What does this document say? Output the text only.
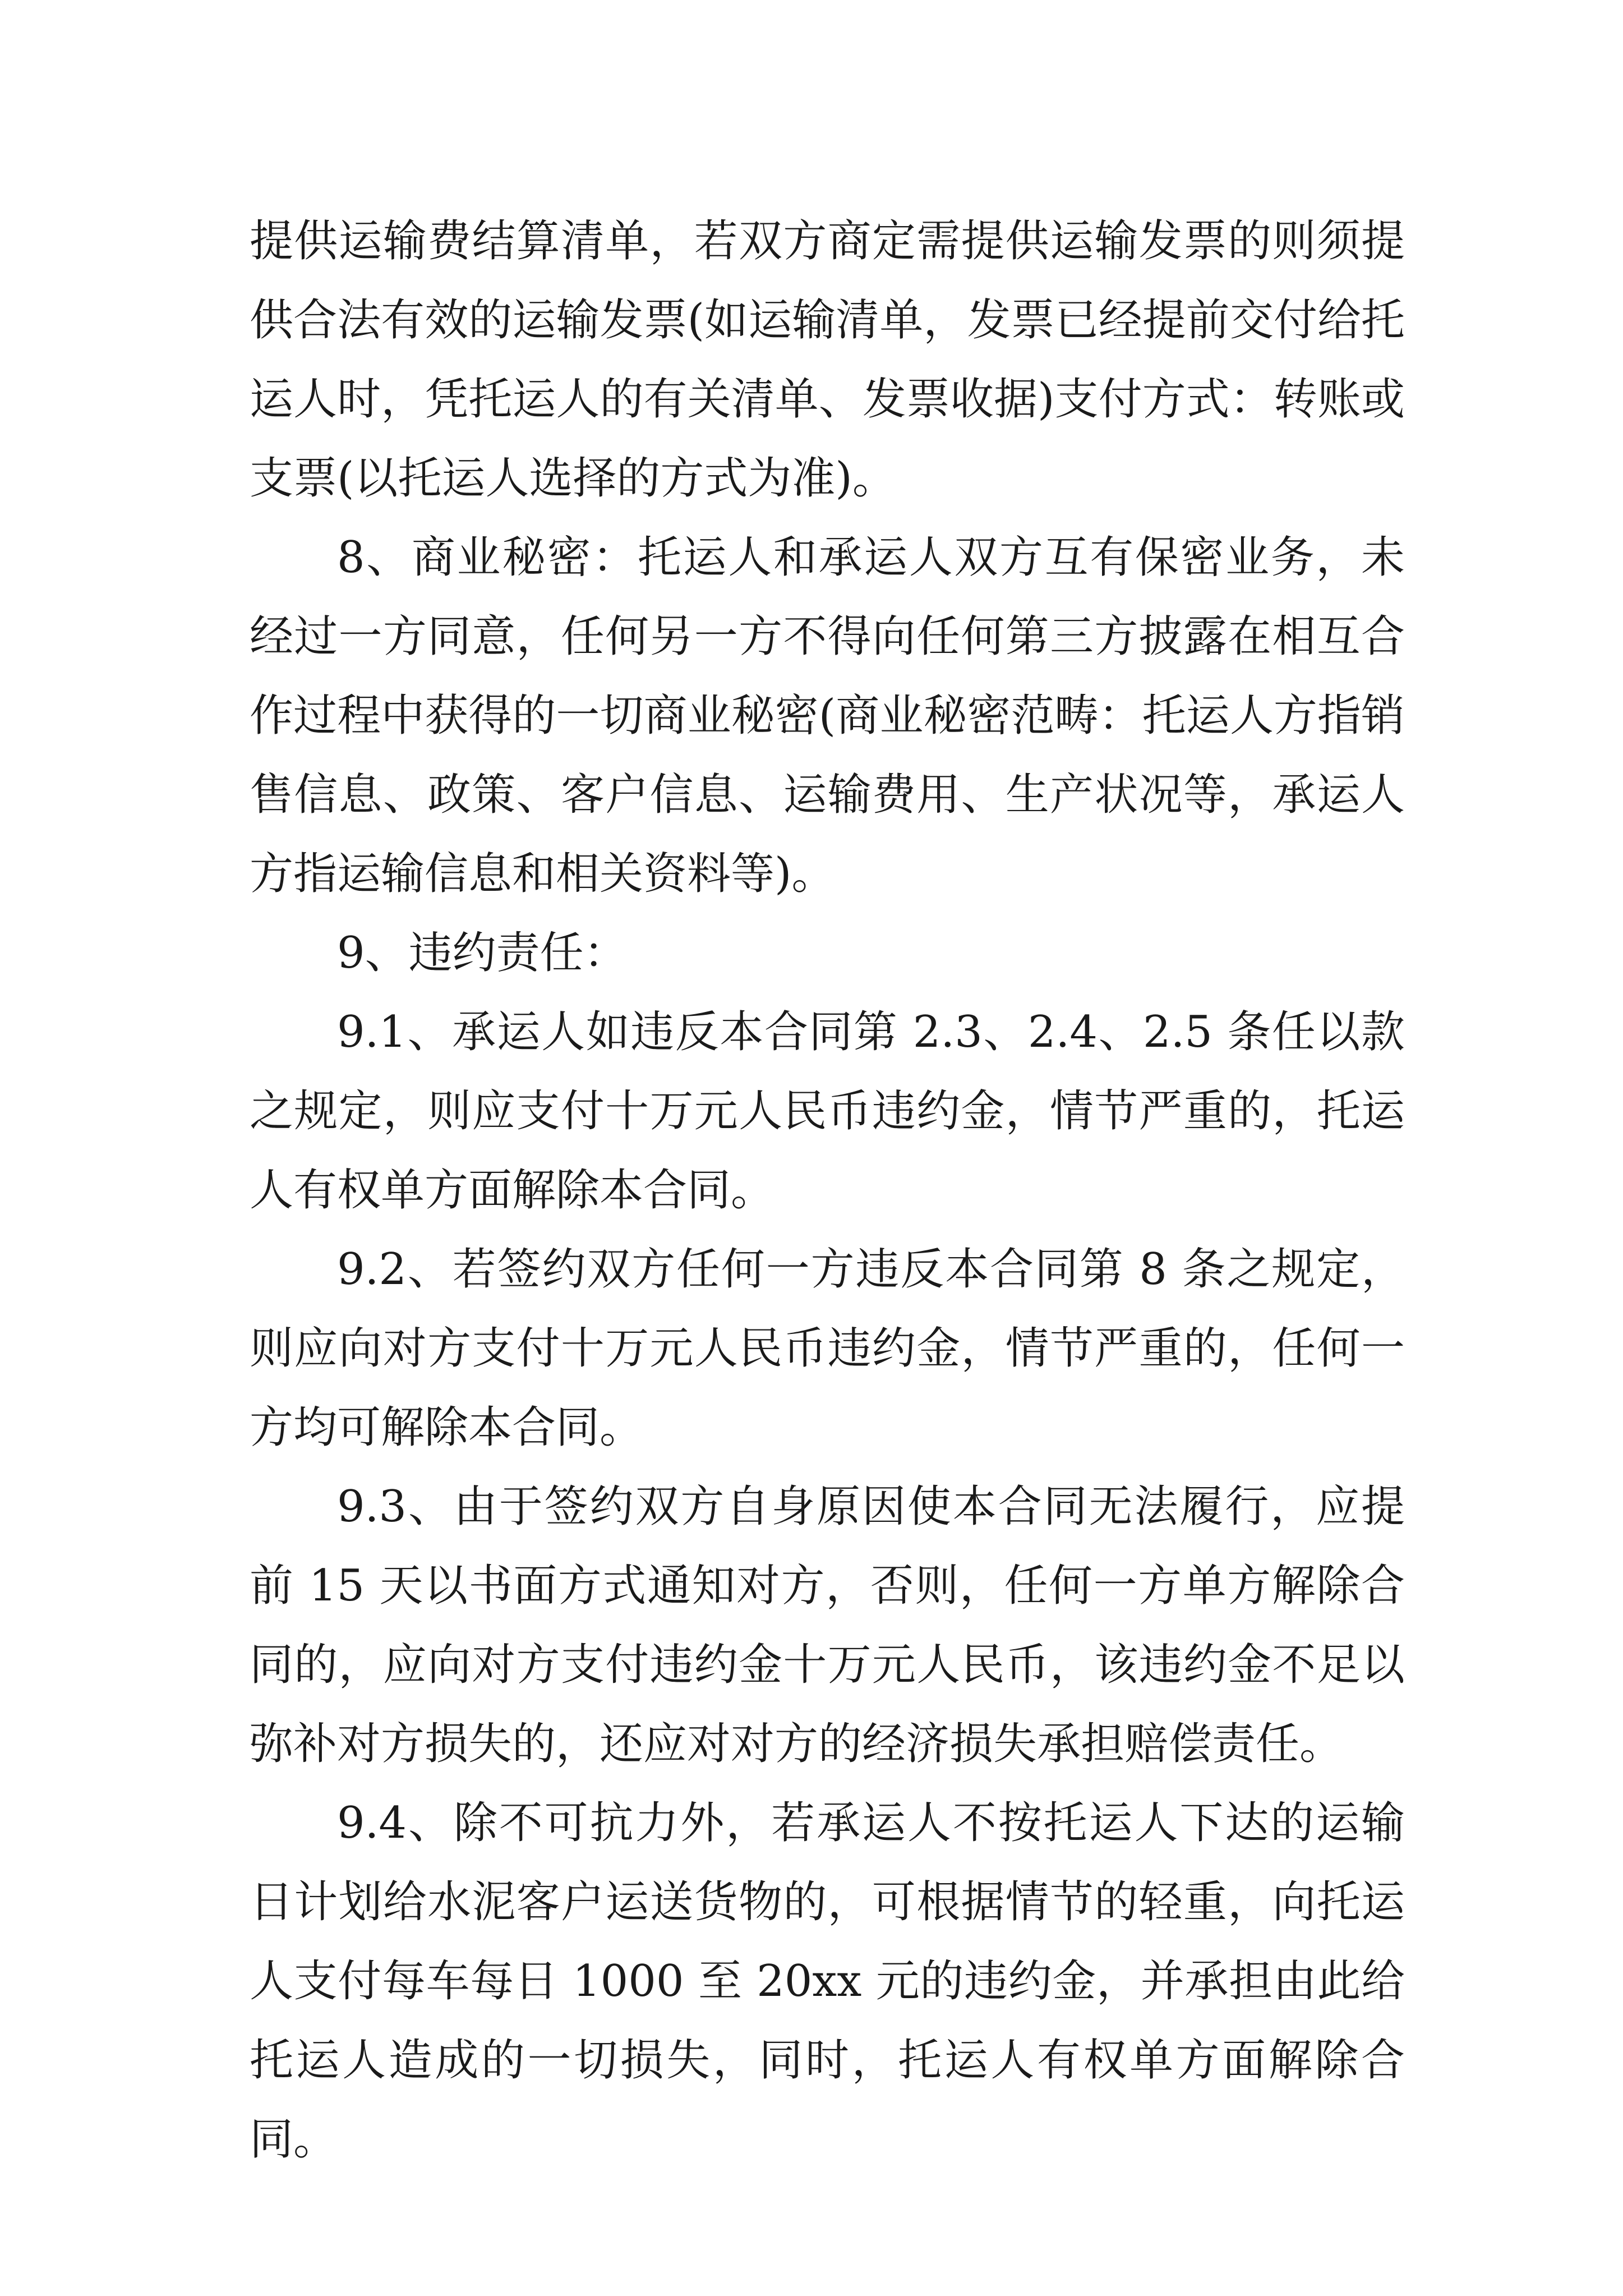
提供运输费结算清单，若双方商定需提供运输发票的则须提供合法有效的运输发票(如运输清单，发票已经提前交付给托运人时，凭托运人的有关清单、发票收据)支付方式：转账或支票(以托运人选择的方式为准)。

8、商业秘密：托运人和承运人双方互有保密业务，未经过一方同意，任何另一方不得向任何第三方披露在相互合作过程中获得的一切商业秘密(商业秘密范畴：托运人方指销售信息、政策、客户信息、运输费用、生产状况等，承运人方指运输信息和相关资料等)。

9、违约责任：

9.1、承运人如违反本合同第 2.3、2.4、2.5 条任以款之规定，则应支付十万元人民币违约金，情节严重的，托运人有权单方面解除本合同。

9.2、若签约双方任何一方违反本合同第 8 条之规定，则应向对方支付十万元人民币违约金，情节严重的，任何一方均可解除本合同。

9.3、由于签约双方自身原因使本合同无法履行，应提前 15 天以书面方式通知对方，否则，任何一方单方解除合同的，应向对方支付违约金十万元人民币，该违约金不足以弥补对方损失的，还应对对方的经济损失承担赔偿责任。

9.4、除不可抗力外，若承运人不按托运人下达的运输日计划给水泥客户运送货物的，可根据情节的轻重，向托运人支付每车每日 1000 至 20xx 元的违约金，并承担由此给托运人造成的一切损失，同时，托运人有权单方面解除合同。
